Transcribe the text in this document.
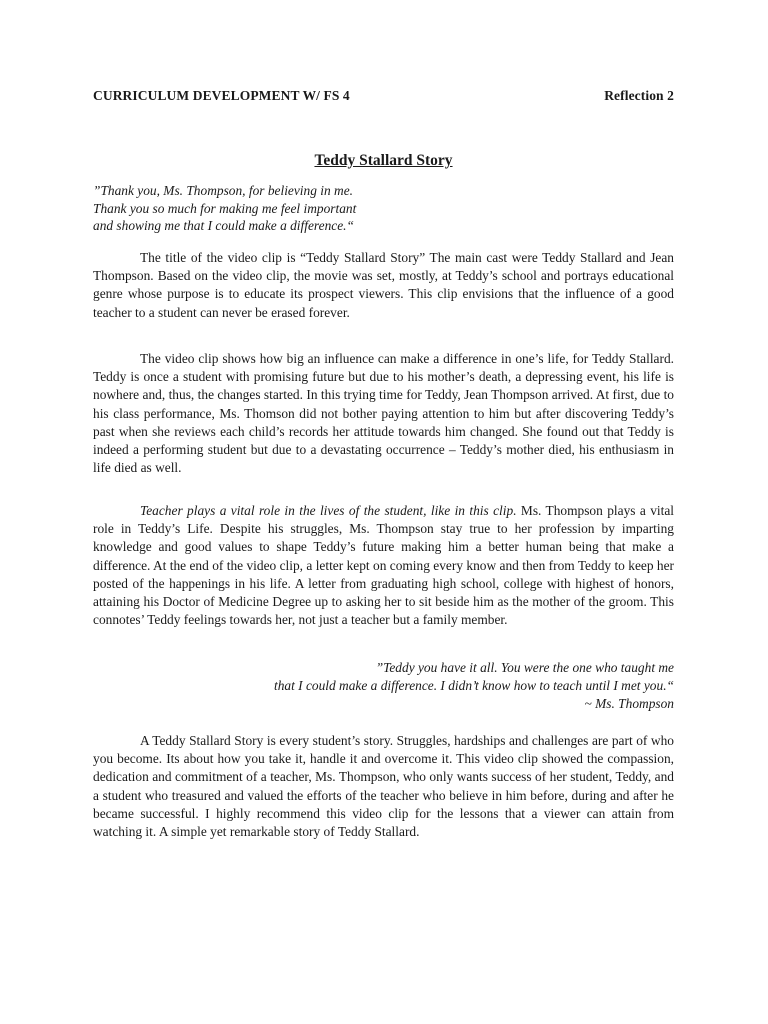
CURRICULUM DEVELOPMENT W/ FS 4	Reflection 2
Teddy Stallard Story
”Thank you, Ms. Thompson, for believing in me.
Thank you so much for making me feel important
and showing me that I could make a difference.“

The title of the video clip is “Teddy Stallard Story” The main cast were Teddy Stallard and Jean Thompson. Based on the video clip, the movie was set, mostly, at Teddy’s school and portrays educational genre whose purpose is to educate its prospect viewers. This clip envisions that the influence of a good teacher to a student can never be erased forever.

The video clip shows how big an influence can make a difference in one’s life, for Teddy Stallard. Teddy is once a student with promising future but due to his mother’s death, a depressing event, his life is nowhere and, thus, the changes started. In this trying time for Teddy, Jean Thompson arrived. At first, due to his class performance, Ms. Thomson did not bother paying attention to him but after discovering Teddy’s past when she reviews each child’s records her attitude towards him changed. She found out that Teddy is indeed a performing student but due to a devastating occurrence – Teddy’s mother died, his enthusiasm in life died as well.

Teacher plays a vital role in the lives of the student, like in this clip. Ms. Thompson plays a vital role in Teddy’s Life. Despite his struggles, Ms. Thompson stay true to her profession by imparting knowledge and good values to shape Teddy’s future making him a better human being that make a difference. At the end of the video clip, a letter kept on coming every know and then from Teddy to keep her posted of the happenings in his life. A letter from graduating high school, college with highest of honors, attaining his Doctor of Medicine Degree up to asking her to sit beside him as the mother of the groom. This connotes’ Teddy feelings towards her, not just a teacher but a family member.

”Teddy you have it all. You were the one who taught me
that I could make a difference. I didn’t know how to teach until I met you.“
~ Ms. Thompson

A Teddy Stallard Story is every student’s story. Struggles, hardships and challenges are part of who you become. Its about how you take it, handle it and overcome it. This video clip showed the compassion, dedication and commitment of a teacher, Ms. Thompson, who only wants success of her student, Teddy, and a student who treasured and valued the efforts of the teacher who believe in him before, during and after he became successful. I highly recommend this video clip for the lessons that a viewer can attain from watching it. A simple yet remarkable story of Teddy Stallard.
